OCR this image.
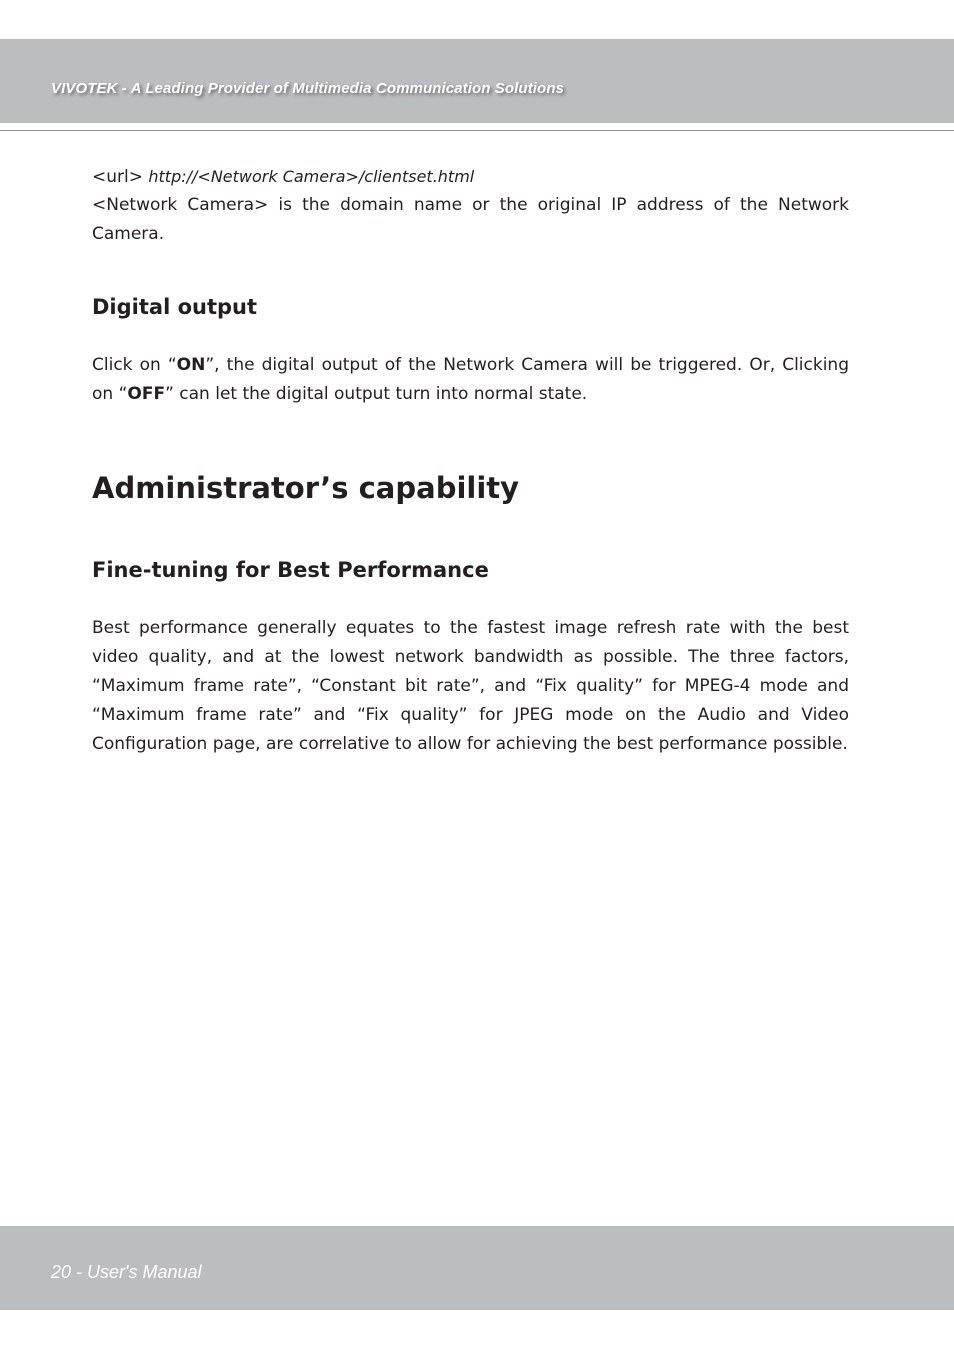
VIVOTEK - A Leading Provider of Multimedia Communication Solutions
<url> http://<Network Camera>/clientset.html

<Network Camera> is the domain name or the original IP address of the Network Camera.

Digital output

Click on “ON”, the digital output of the Network Camera will be triggered. Or, Clicking on “OFF” can let the digital output turn into normal state.

Administrator’s capability
Fine-tuning for Best Performance

Best performance generally equates to the fastest image refresh rate with the best video quality, and at the lowest network bandwidth as possible. The three factors, “Maximum frame rate”, “Constant bit rate”, and “Fix quality” for MPEG-4 mode and “Maximum frame rate” and “Fix quality” for JPEG mode on the Audio and Video Configuration page, are correlative to allow for achieving the best performance possible.

20 - User's Manual
